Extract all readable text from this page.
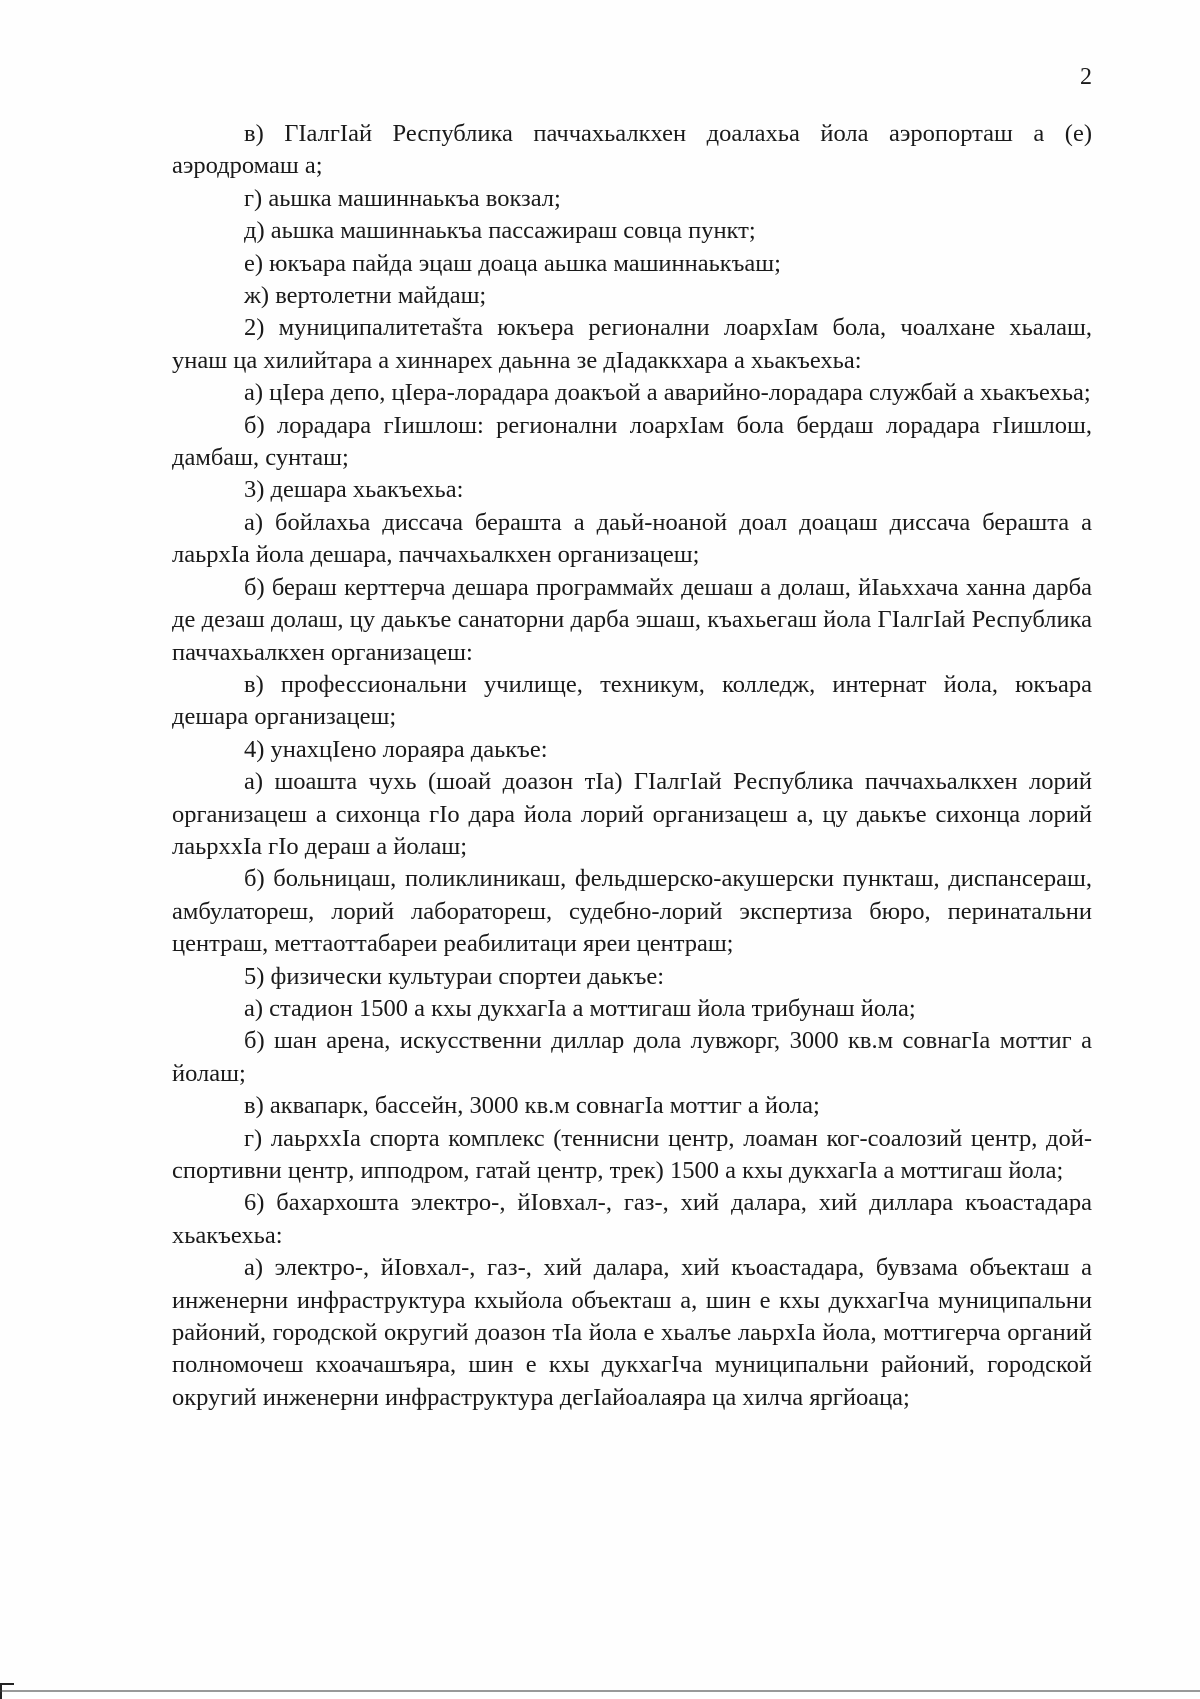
2

в) ГӀалгӀай Республика паччахьалкхен доалахьа йола аэропорташ а (е) аэродромаш а;

г) аьшка машиннаькъа вокзал;

д) аьшка машиннаькъа пассажираш совца пункт;

е) юкъара пайда эцаш доаца аьшка машиннаькъаш;

ж) вертолетни майдаш;

2) муниципалитетašта юкъера регионални лоархӀам бола, чоалхане хьалаш, унаш ца хилийтара а хиннарех даьнна зе дӀадаккхара а хьакъехьа:

а) цӀера депо, цӀера-лорадара доакъой а аварийно-лорадара службай а хьакъехьа;

б) лорадара гӀишлош: регионални лоархӀам бола бердаш лорадара гӀишлош, дамбаш, сунташ;

3) дешара хьакъехьа:

а) бойлахьа диссача берашта а даьй-ноаной доал доацаш диссача берашта а лаьрхӀа йола дешара, паччахьалкхен организацеш;

б) бераш керттерча дешара программайх дешаш а долаш, йӀаьххача ханна дарба де дезаш долаш, цу даькъе санаторни дарба эшаш, къахьегаш йола ГӀалгӀай Республика паччахьалкхен организацеш:

в) профессиональни училище, техникум, колледж, интернат йола, юкъара дешара организацеш;

4) унахцӀено лораяра даькъе:

а) шоашта чухь (шоай доазон тӀа) ГӀалгӀай Республика паччахьалкхен лорий организацеш а сихонца гӀо дара йола лорий организацеш а, цу даькъе сихонца лорий лаьрххӀа гӀо дераш а йолаш;

б) больницаш, поликлиникаш, фельдшерско-акушерски пункташ, диспансераш, амбулатореш, лорий лабораторeш, судебно-лорий экспертиза бюро, перинатальни центраш, меттаоттабареи реабилитаци яреи центраш;

5) физически культураи спортеи даькъе:

а) стадион 1500 а кхы дукхагӀа а моттигаш йола трибунаш йола;

б) шан арена, искусственни диллар дола лувжорг, 3000 кв.м совнагӀа моттиг а йолаш;

в) аквапарк, бассейн, 3000 кв.м совнагӀа моттиг а йола;

г) лаьрххӀа спорта комплекс (теннисни центр, лоаман ког-соалозий центр, дой-спортивни центр, ипподром, гатай центр, трек) 1500 а кхы дукхагӀа а моттигаш йола;

6) бахархошта электро-, йӀовхал-, газ-, хий далара, хий диллара къоастадара хьакъехьа:

а) электро-, йӀовхал-, газ-, хий далара, хий къоастадара, бувзама объекташ а инженерни инфраструктура кхыйола объекташ а, шин е кхы дукхагӀча муниципальни районий, городской округий доазон тӀа йола е хьалъе лаьрхӀа йола, моттигерча органий полномочеш кхоачашъяра, шин е кхы дукхагӀча муниципальни районий, городской округий инженерни инфраструктура дегӀайоалаяра ца хилча яргйоаца;
